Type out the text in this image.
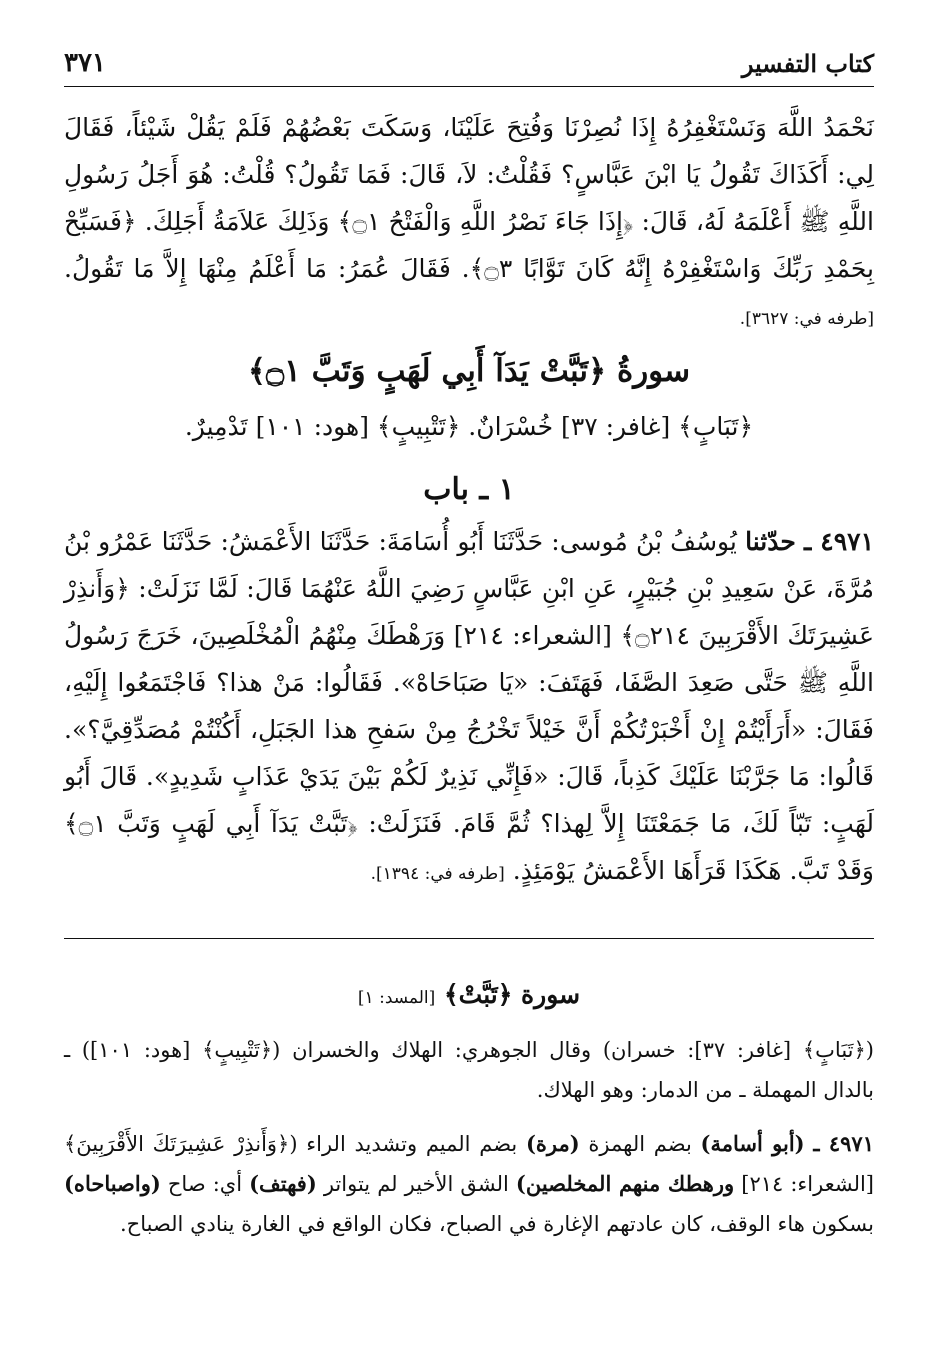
كتاب التفسير
٣٧١
نَحْمَدُ اللَّهَ وَنَسْتَغْفِرُهُ إِذَا نُصِرْنَا وَفُتِحَ عَلَيْنَا، وَسَكَتَ بَعْضُهُمْ فَلَمْ يَقُلْ شَيْئاً، فَقَالَ لِي: أَكَذَاكَ تَقُولُ يَا ابْنَ عَبَّاسٍ؟ فَقُلْتُ: لاَ، قَالَ: فَمَا تَقُولُ؟ قُلْتُ: هُوَ أَجَلُ رَسُولِ اللَّهِ ﷺ أَعْلَمَهُ لَهُ، قَالَ: ﴿إِذَا جَاءَ نَصْرُ اللَّهِ وَالْفَتْحُ ۝١﴾ وَذَلِكَ عَلاَمَةُ أَجَلِكَ. ﴿فَسَبِّحْ بِحَمْدِ رَبِّكَ وَاسْتَغْفِرْهُ إِنَّهُ كَانَ تَوَّابًا ۝٣﴾. فَقَالَ عُمَرُ: مَا أَعْلَمُ مِنْهَا إِلاَّ مَا تَقُولُ. [طرفه في: ٣٦٢٧].
سورةُ ﴿تَبَّتْ يَدَآ أَبِي لَهَبٍ وَتَبَّ ۝١﴾
﴿تَبَابٍ﴾ [غافر: ٣٧] خُسْرَانٌ. ﴿تَتْبِيبٍ﴾ [هود: ١٠١] تَدْمِيرٌ.
١ ـ باب
٤٩٧١ ـ حدّثنا يُوسُفُ بْنُ مُوسى: حَدَّثَنَا أَبُو أُسَامَةَ: حَدَّثَنَا الأَعْمَشُ: حَدَّثَنَا عَمْرُو بْنُ مُرَّةَ، عَنْ سَعِيدِ بْنِ جُبَيْرٍ، عَنِ ابْنِ عَبَّاسٍ رَضِيَ اللَّهُ عَنْهُمَا قَالَ: لَمَّا نَزَلَتْ: ﴿وَأَنذِرْ عَشِيرَتَكَ الأَقْرَبِينَ ۝٢١٤﴾ [الشعراء: ٢١٤] وَرَهْطَكَ مِنْهُمُ الْمُخْلَصِينَ، خَرَجَ رَسُولُ اللَّهِ ﷺ حَتَّى صَعِدَ الصَّفَا، فَهَتَفَ: «يَا صَبَاحَاهْ». فَقَالُوا: مَنْ هذا؟ فَاجْتَمَعُوا إِلَيْهِ، فَقَالَ: «أَرَأَيْتُمْ إِنْ أَخْبَرْتُكُمْ أَنَّ خَيْلاً تَخْرُجُ مِنْ سَفحِ هذا الجَبَلِ، أَكُنْتُمْ مُصَدِّقِيَّ؟». قَالُوا: مَا جَرَّبْنَا عَلَيْكَ كَذِباً، قَالَ: «فَإِنِّي نَذِيرٌ لَكُمْ بَيْنَ يَدَيْ عَذَابٍ شَدِيدٍ». قَالَ أَبُو لَهَبٍ: تَبّاً لَكَ، مَا جَمَعْتَنَا إِلاَّ لِهذا؟ ثُمَّ قَامَ. فَنَزَلَتْ: ﴿تَبَّتْ يَدَآ أَبِي لَهَبٍ وَتَبَّ ۝١﴾ وَقَدْ تَبَّ. هَكَذَا قَرَأَهَا الأَعْمَشُ يَوْمَئِذٍ. [طرفه في: ١٣٩٤].
سورة ﴿تَبَّتْ﴾ [المسد: ١]
(﴿تَبَابٍ﴾ [غافر: ٣٧]: خسران) وقال الجوهري: الهلاك والخسران (﴿تَتْبِيبٍ﴾ [هود: ١٠١]) ـ بالدال المهملة ـ من الدمار: وهو الهلاك.
٤٩٧١ ـ (أبو أسامة) بضم الهمزة (مرة) بضم الميم وتشديد الراء (﴿وَأَنذِرْ عَشِيرَتَكَ الأَقْرَبِينَ﴾ [الشعراء: ٢١٤] ورهطك منهم المخلصين) الشق الأخير لم يتواتر (فهتف) أي: صاح (واصباحاه) بسكون هاء الوقف، كان عادتهم الإغارة في الصباح، فكان الواقع في الغارة ينادي الصباح.
